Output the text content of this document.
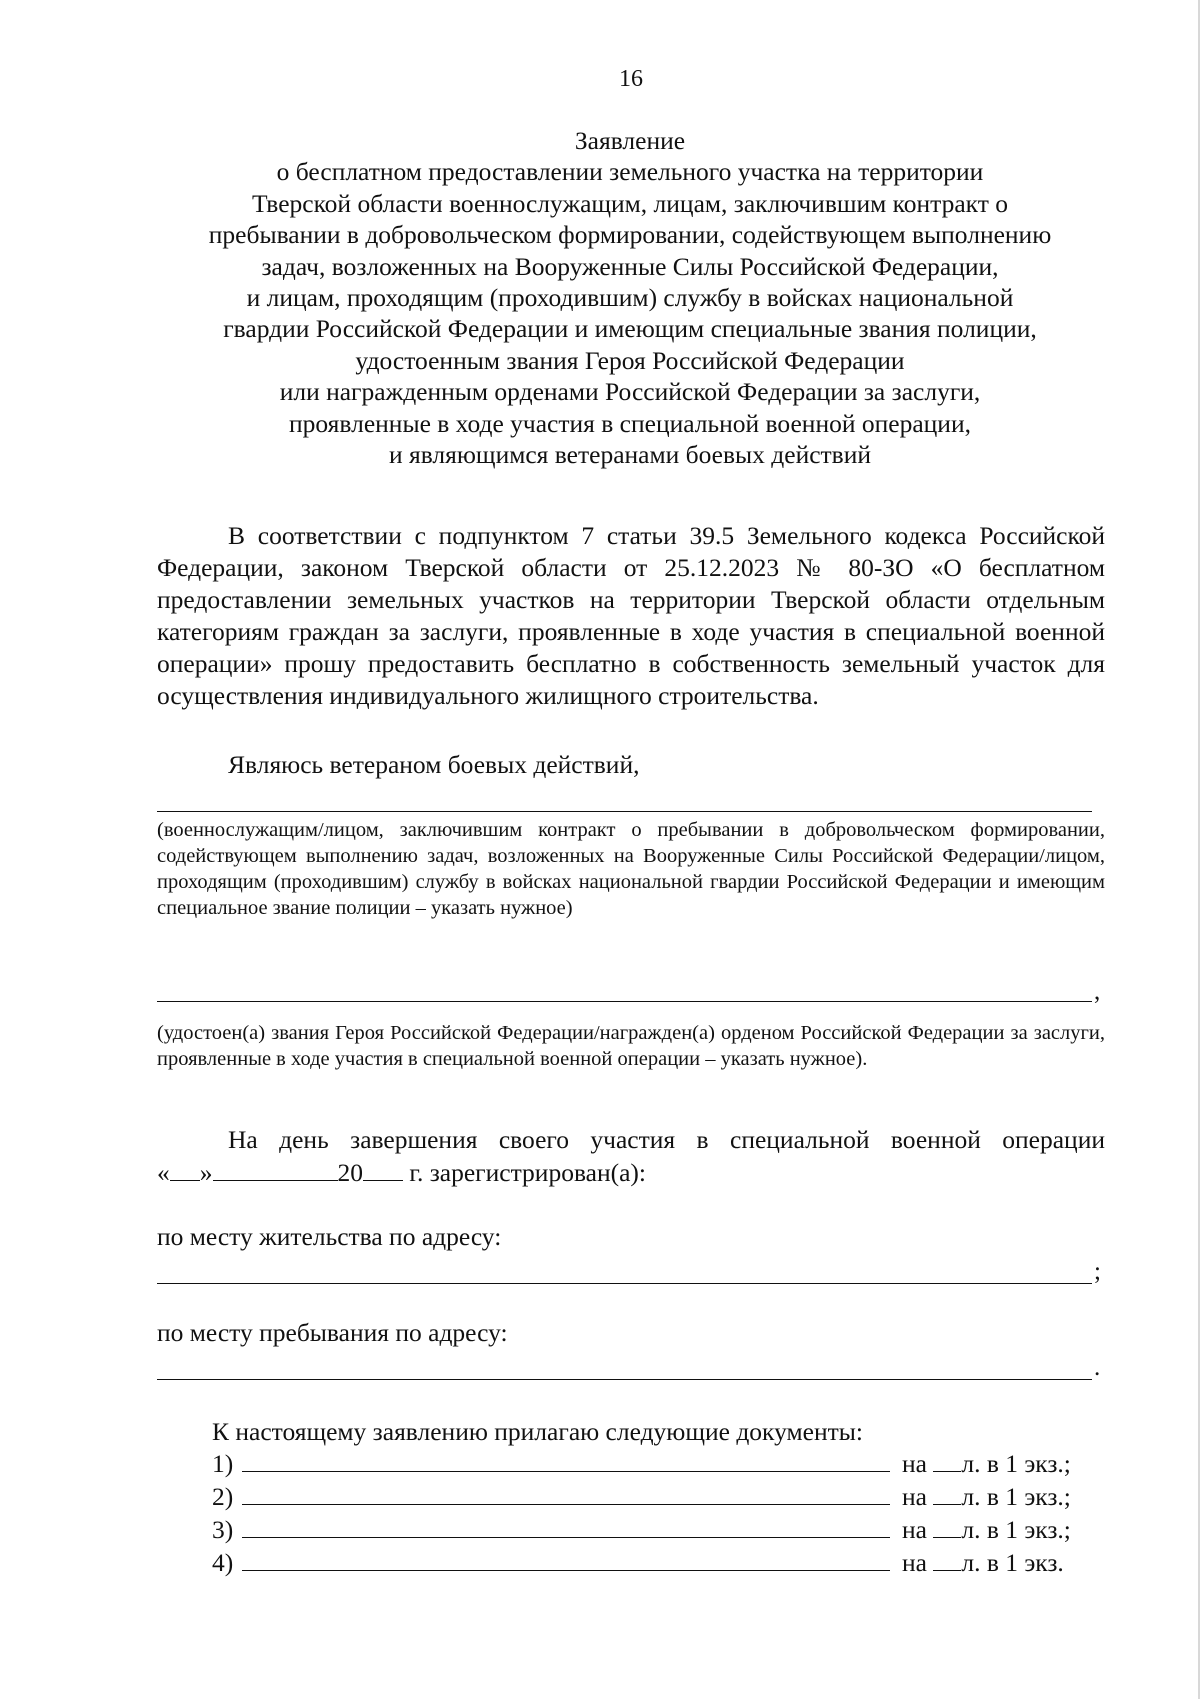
16
Заявление
о бесплатном предоставлении земельного участка на территории
Тверской области военнослужащим, лицам, заключившим контракт о
пребывании в добровольческом формировании, содействующем выполнению
задач, возложенных на Вооруженные Силы Российской Федерации,
и лицам, проходящим (проходившим) службу в войсках национальной
гвардии Российской Федерации и имеющим специальные звания полиции,
удостоенным звания Героя Российской Федерации
или награжденным орденами Российской Федерации за заслуги,
проявленные в ходе участия в специальной военной операции,
и являющимся ветеранами боевых действий
В соответствии с подпунктом 7 статьи 39.5 Земельного кодекса Российской Федерации, законом Тверской области от 25.12.2023 № 80-ЗО «О бесплатном предоставлении земельных участков на территории Тверской области отдельным категориям граждан за заслуги, проявленные в ходе участия в специальной военной операции» прошу предоставить бесплатно в собственность земельный участок для осуществления индивидуального жилищного строительства.
Являюсь ветераном боевых действий,
(военнослужащим/лицом, заключившим контракт о пребывании в добровольческом формировании, содействующем выполнению задач, возложенных на Вооруженные Силы Российской Федерации/лицом, проходящим (проходившим) службу в войсках национальной гвардии Российской Федерации и имеющим специальное звание полиции – указать нужное)
,
(удостоен(а) звания Героя Российской Федерации/награжден(а) орденом Российской Федерации за заслуги, проявленные в ходе участия в специальной военной операции – указать нужное).
На день завершения своего участия в специальной военной операции
« »	20 г. зарегистрирован(а):
по месту жительства по адресу:
;
по месту пребывания по адресу:
.
К настоящему заявлению прилагаю следующие документы:
1)	на
л. в 1 экз.;
2)	на
л. в 1 экз.;
3)	на
л. в 1 экз.;
4)	на
л. в 1 экз.
